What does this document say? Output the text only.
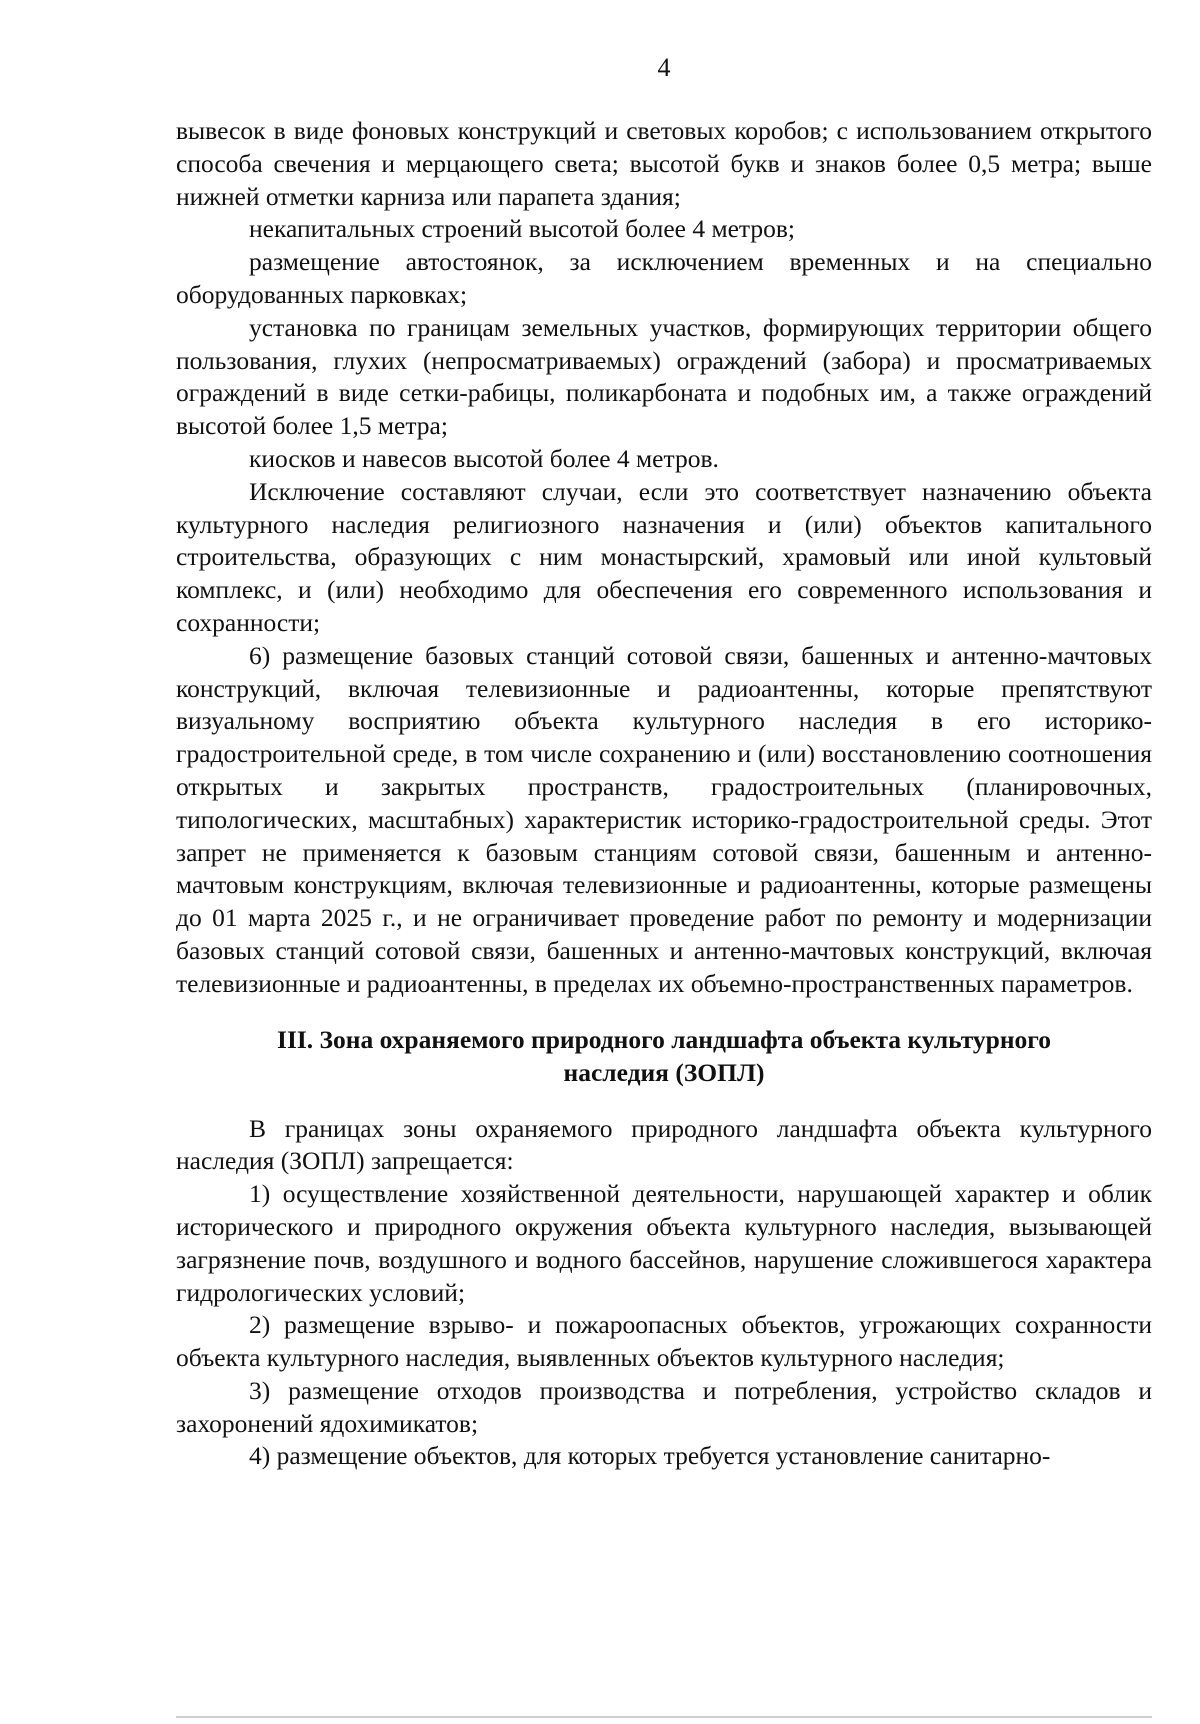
4

вывесок в виде фоновых конструкций и световых коробов; с использованием открытого способа свечения и мерцающего света; высотой букв и знаков более 0,5 метра; выше нижней отметки карниза или парапета здания;

некапитальных строений высотой более 4 метров;

размещение автостоянок, за исключением временных и на специально оборудованных парковках;

установка по границам земельных участков, формирующих территории общего пользования, глухих (непросматриваемых) ограждений (забора) и просматриваемых ограждений в виде сетки-рабицы, поликарбоната и подобных им, а также ограждений высотой более 1,5 метра;

киосков и навесов высотой более 4 метров.

Исключение составляют случаи, если это соответствует назначению объекта культурного наследия религиозного назначения и (или) объектов капитального строительства, образующих с ним монастырский, храмовый или иной культовый комплекс, и (или) необходимо для обеспечения его современного использования и сохранности;

6) размещение базовых станций сотовой связи, башенных и антенно-мачтовых конструкций, включая телевизионные и радиоантенны, которые препятствуют визуальному восприятию объекта культурного наследия в его историко-градостроительной среде, в том числе сохранению и (или) восстановлению соотношения открытых и закрытых пространств, градостроительных (планировочных, типологических, масштабных) характеристик историко-градостроительной среды. Этот запрет не применяется к базовым станциям сотовой связи, башенным и антенно-мачтовым конструкциям, включая телевизионные и радиоантенны, которые размещены до 01 марта 2025 г., и не ограничивает проведение работ по ремонту и модернизации базовых станций сотовой связи, башенных и антенно-мачтовых конструкций, включая телевизионные и радиоантенны, в пределах их объемно-пространственных параметров.

III. Зона охраняемого природного ландшафта объекта культурного

наследия (ЗОПЛ)

В границах зоны охраняемого природного ландшафта объекта культурного наследия (ЗОПЛ) запрещается:

1) осуществление хозяйственной деятельности, нарушающей характер и облик исторического и природного окружения объекта культурного наследия, вызывающей загрязнение почв, воздушного и водного бассейнов, нарушение сложившегося характера гидрологических условий;

2) размещение взрыво- и пожароопасных объектов, угрожающих сохранности объекта культурного наследия, выявленных объектов культурного наследия;

3) размещение отходов производства и потребления, устройство складов и захоронений ядохимикатов;

4) размещение объектов, для которых требуется установление санитарно-
